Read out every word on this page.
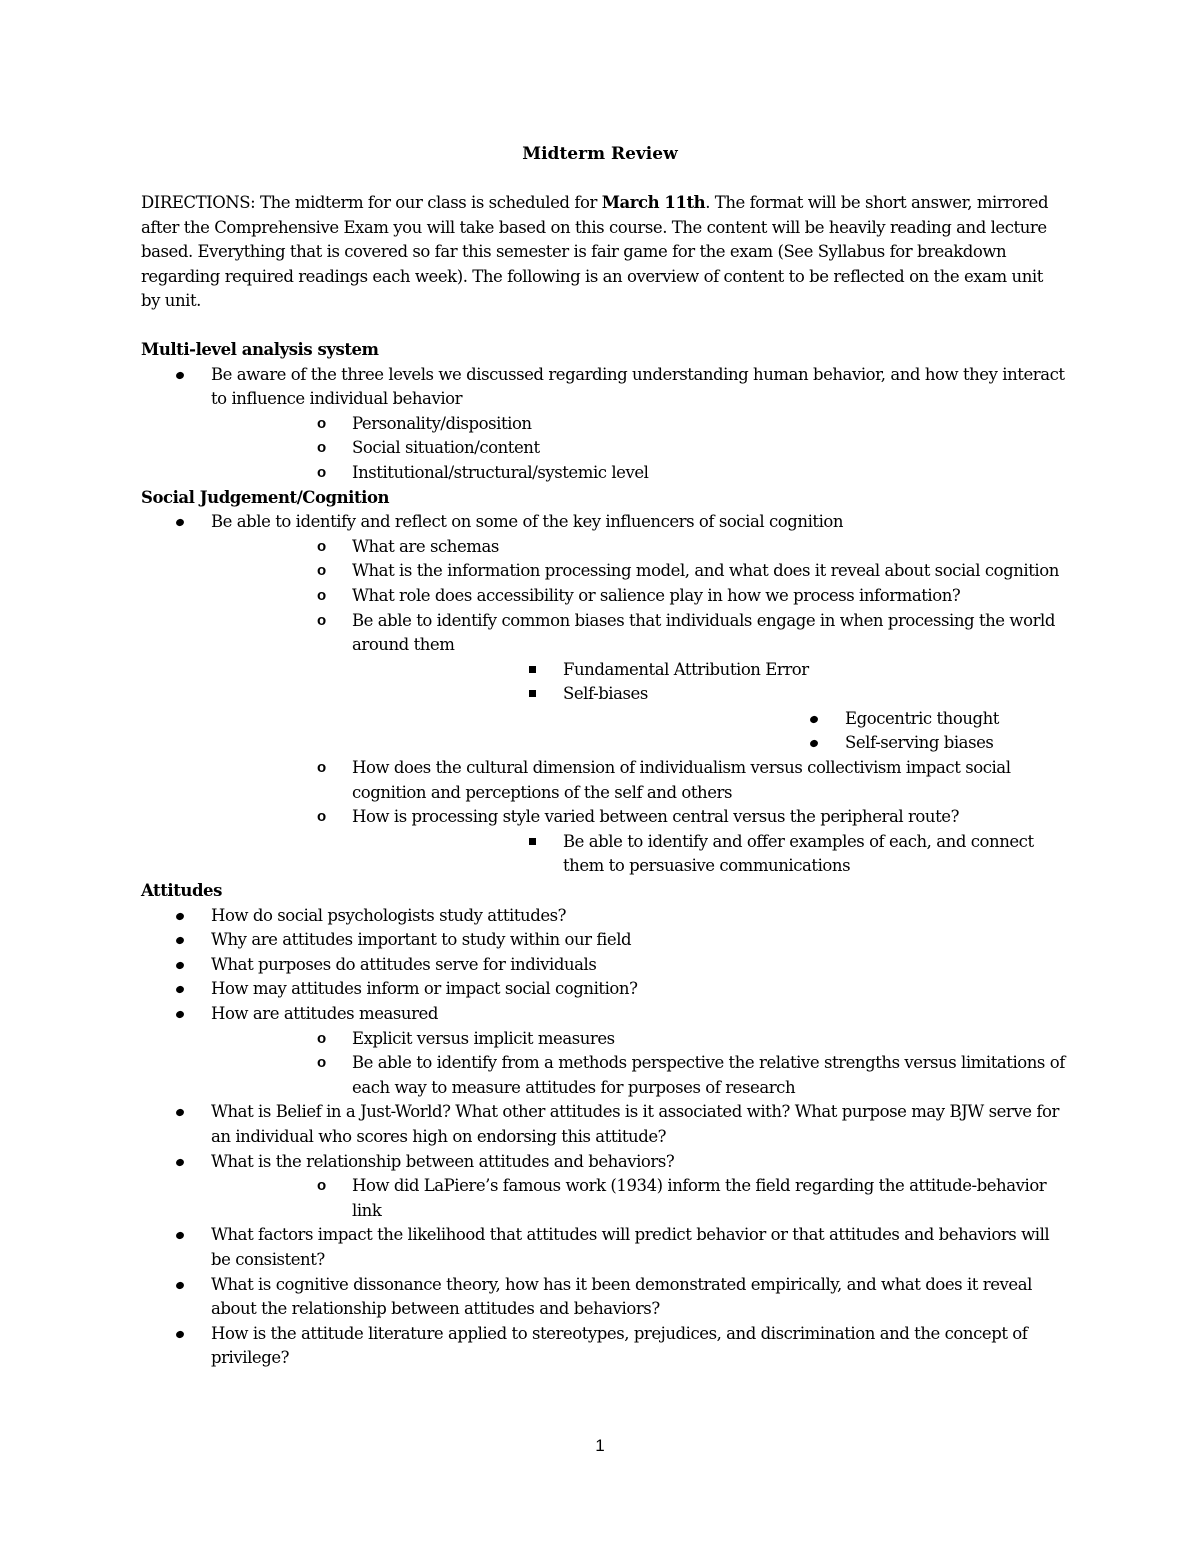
Midterm Review

DIRECTIONS: The midterm for our class is scheduled for March 11th. The format will be short answer, mirrored after the Comprehensive Exam you will take based on this course. The content will be heavily reading and lecture based. Everything that is covered so far this semester is fair game for the exam (See Syllabus for breakdown regarding required readings each week). The following is an overview of content to be reflected on the exam unit by unit.

Multi-level analysis system
Be aware of the three levels we discussed regarding understanding human behavior, and how they interact to influence individual behavior
o Personality/disposition
o Social situation/content
o Institutional/structural/systemic level
Social Judgement/Cognition
Be able to identify and reflect on some of the key influencers of social cognition
o What are schemas
o What is the information processing model, and what does it reveal about social cognition
o What role does accessibility or salience play in how we process information?
o Be able to identify common biases that individuals engage in when processing the world around them
Fundamental Attribution Error
Self-biases
Egocentric thought
Self-serving biases
o How does the cultural dimension of individualism versus collectivism impact social cognition and perceptions of the self and others
o How is processing style varied between central versus the peripheral route?
Be able to identify and offer examples of each, and connect them to persuasive communications
Attitudes
How do social psychologists study attitudes?
Why are attitudes important to study within our field
What purposes do attitudes serve for individuals
How may attitudes inform or impact social cognition?
How are attitudes measured
o Explicit versus implicit measures
o Be able to identify from a methods perspective the relative strengths versus limitations of each way to measure attitudes for purposes of research
What is Belief in a Just-World? What other attitudes is it associated with? What purpose may BJW serve for an individual who scores high on endorsing this attitude?
What is the relationship between attitudes and behaviors?
o How did LaPiere’s famous work (1934) inform the field regarding the attitude-behavior link
What factors impact the likelihood that attitudes will predict behavior or that attitudes and behaviors will be consistent?
What is cognitive dissonance theory, how has it been demonstrated empirically, and what does it reveal about the relationship between attitudes and behaviors?
How is the attitude literature applied to stereotypes, prejudices, and discrimination and the concept of privilege?
1
